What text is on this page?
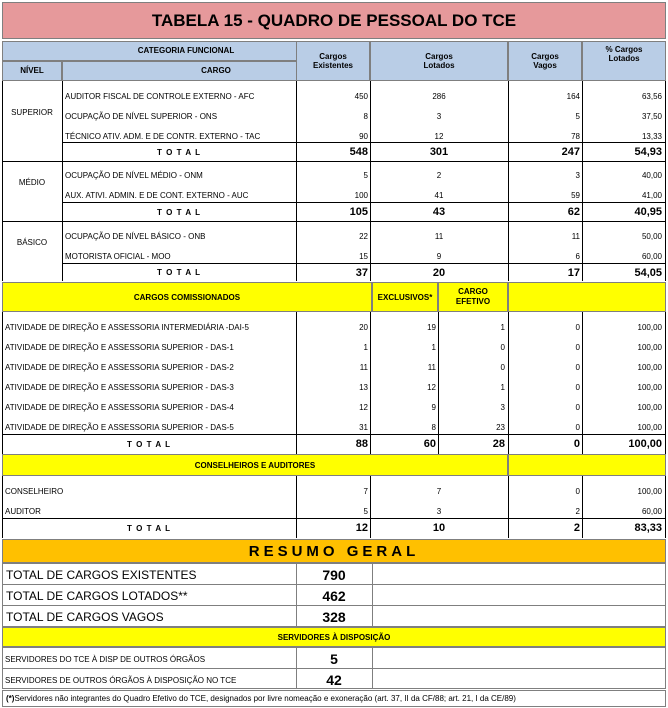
TABELA 15 - QUADRO DE PESSOAL DO TCE
CATEGORIA FUNCIONAL
NÍVEL	CARGO
Cargos Existentes
Cargos Lotados
Cargos Vagos
% Cargos Lotados
SUPERIOR
AUDITOR FISCAL DE CONTROLE EXTERNO - AFC	450	286	164	63,56
OCUPAÇÃO DE NÍVEL SUPERIOR - ONS	8	3	5	37,50
TÉCNICO ATIV. ADM. E DE CONTR. EXTERNO - TAC	90	12	78	13,33
T O T A L	548	301	247	54,93
MÉDIO
OCUPAÇÃO DE NÍVEL MÉDIO - ONM	5	2	3	40,00
AUX. ATIVI. ADMIN. E DE CONT. EXTERNO - AUC	100	41	59	41,00
T O T A L	105	43	62	40,95
BÁSICO
OCUPAÇÃO DE NÍVEL BÁSICO - ONB	22	11	11	50,00
MOTORISTA OFICIAL - MOO	15	9	6	60,00
T O T A L	37	20	17	54,05
CARGOS COMISSIONADOS	EXCLUSIVOS*
CARGO EFETIVO
ATIVIDADE DE DIREÇÃO E ASSESSORIA INTERMEDIÁRIA -DAI-5	20	19	1	0	100,00
ATIVIDADE DE DIREÇÃO E ASSESSORIA SUPERIOR - DAS-1	1	1	0	0	100,00
ATIVIDADE DE DIREÇÃO E ASSESSORIA SUPERIOR - DAS-2	11	11	0	0	100,00
ATIVIDADE DE DIREÇÃO E ASSESSORIA SUPERIOR - DAS-3	13	12	1	0	100,00
ATIVIDADE DE DIREÇÃO E ASSESSORIA SUPERIOR - DAS-4	12	9	3	0	100,00
ATIVIDADE DE DIREÇÃO E ASSESSORIA SUPERIOR - DAS-5	31	8	23	0	100,00
T O T A L	88	60	28	0	100,00
CONSELHEIROS E AUDITORES
CONSELHEIRO	7	7	0	100,00
AUDITOR	5	3	2	60,00
T O T A L	12	10	2	83,33
RESUMO GERAL
TOTAL DE CARGOS EXISTENTES	790
TOTAL DE CARGOS LOTADOS**	462
TOTAL DE CARGOS VAGOS	328
SERVIDORES À DISPOSIÇÃO
SERVIDORES DO TCE À DISP DE OUTROS ÓRGÃOS	5
SERVIDORES DE OUTROS ÓRGÃOS À DISPOSIÇÃO NO TCE	42
(*) Servidores não integrantes do Quadro Efetivo do TCE, designados por livre nomeação e exoneração (art. 37, II da CF/88; art. 21, I da CE/89)
